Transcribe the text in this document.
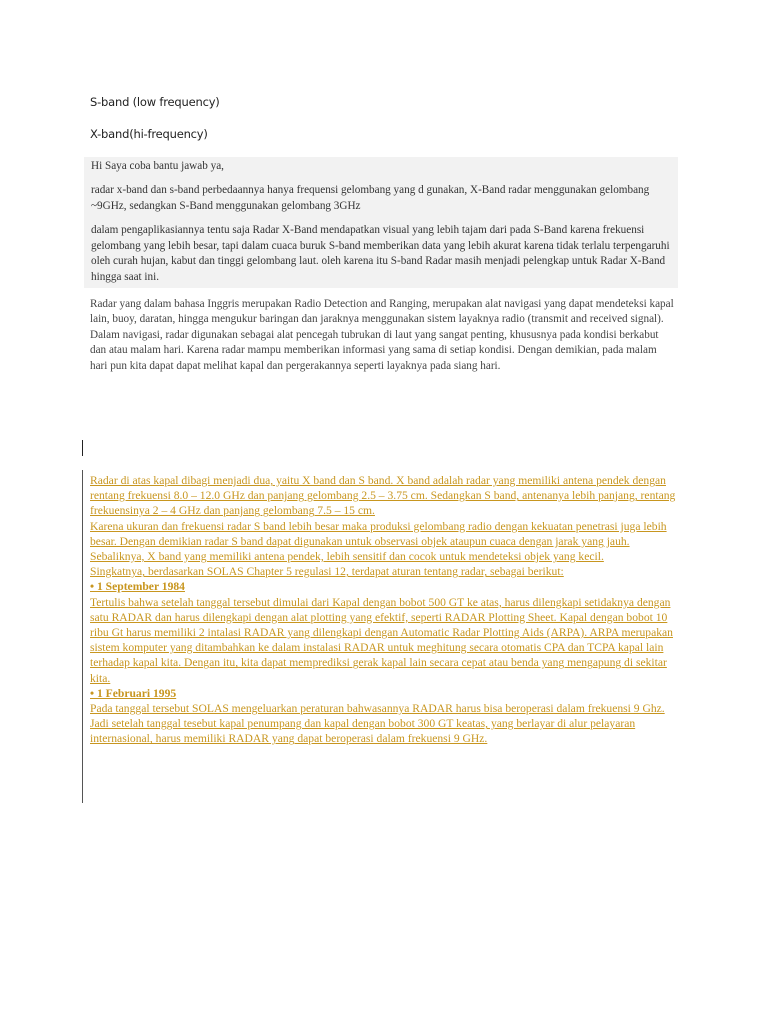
S-band (low frequency)
X-band(hi-frequency)

Hi Saya coba bantu jawab ya,

radar x-band dan s-band perbedaannya hanya frequensi gelombang yang d gunakan, X-Band radar menggunakan gelombang ~9GHz, sedangkan S-Band menggunakan gelombang 3GHz

dalam pengaplikasiannya tentu saja Radar X-Band mendapatkan visual yang lebih tajam dari pada S-Band karena frekuensi gelombang yang lebih besar, tapi dalam cuaca buruk S-band memberikan data yang lebih akurat karena tidak terlalu terpengaruhi oleh curah hujan, kabut dan tinggi gelombang laut. oleh karena itu S-band Radar masih menjadi pelengkap untuk Radar X-Band hingga saat ini.

Radar yang dalam bahasa Inggris merupakan Radio Detection and Ranging, merupakan alat navigasi yang dapat mendeteksi kapal lain, buoy, daratan, hingga mengukur baringan dan jaraknya menggunakan sistem layaknya radio (transmit and received signal).

Dalam navigasi, radar digunakan sebagai alat pencegah tubrukan di laut yang sangat penting, khususnya pada kondisi berkabut dan atau malam hari. Karena radar mampu memberikan informasi yang sama di setiap kondisi. Dengan demikian, pada malam hari pun kita dapat dapat melihat kapal dan pergerakannya seperti layaknya pada siang hari.

Radar di atas kapal dibagi menjadi dua, yaitu X band dan S band. X band adalah radar yang memiliki antena pendek dengan rentang frekuensi 8.0 – 12.0 GHz dan panjang gelombang 2.5 – 3.75 cm. Sedangkan S band, antenanya lebih panjang, rentang frekuensinya 2 – 4 GHz dan panjang gelombang 7.5 – 15 cm.

Karena ukuran dan frekuensi radar S band lebih besar maka produksi gelombang radio dengan kekuatan penetrasi juga lebih besar. Dengan demikian radar S band dapat digunakan untuk observasi objek ataupun cuaca dengan jarak yang jauh. Sebaliknya, X band yang memiliki antena pendek, lebih sensitif dan cocok untuk mendeteksi objek yang kecil.

Singkatnya, berdasarkan SOLAS Chapter 5 regulasi 12, terdapat aturan tentang radar, sebagai berikut:

• 1 September 1984

Tertulis bahwa setelah tanggal tersebut dimulai dari Kapal dengan bobot 500 GT ke atas, harus dilengkapi setidaknya dengan satu RADAR dan harus dilengkapi dengan alat plotting yang efektif, seperti RADAR Plotting Sheet. Kapal dengan bobot 10 ribu Gt harus memiliki 2 intalasi RADAR yang dilengkapi dengan Automatic Radar Plotting Aids (ARPA). ARPA merupakan sistem komputer yang ditambahkan ke dalam instalasi RADAR untuk meghitung secara otomatis CPA dan TCPA kapal lain terhadap kapal kita. Dengan itu, kita dapat memprediksi gerak kapal lain secara cepat atau benda yang mengapung di sekitar kita.

• 1 Februari 1995

Pada tanggal tersebut SOLAS mengeluarkan peraturan bahwasannya RADAR harus bisa beroperasi dalam frekuensi 9 Ghz. Jadi setelah tanggal tesebut kapal penumpang dan kapal dengan bobot 300 GT keatas, yang berlayar di alur pelayaran internasional, harus memiliki RADAR yang dapat beroperasi dalam frekuensi 9 GHz.
